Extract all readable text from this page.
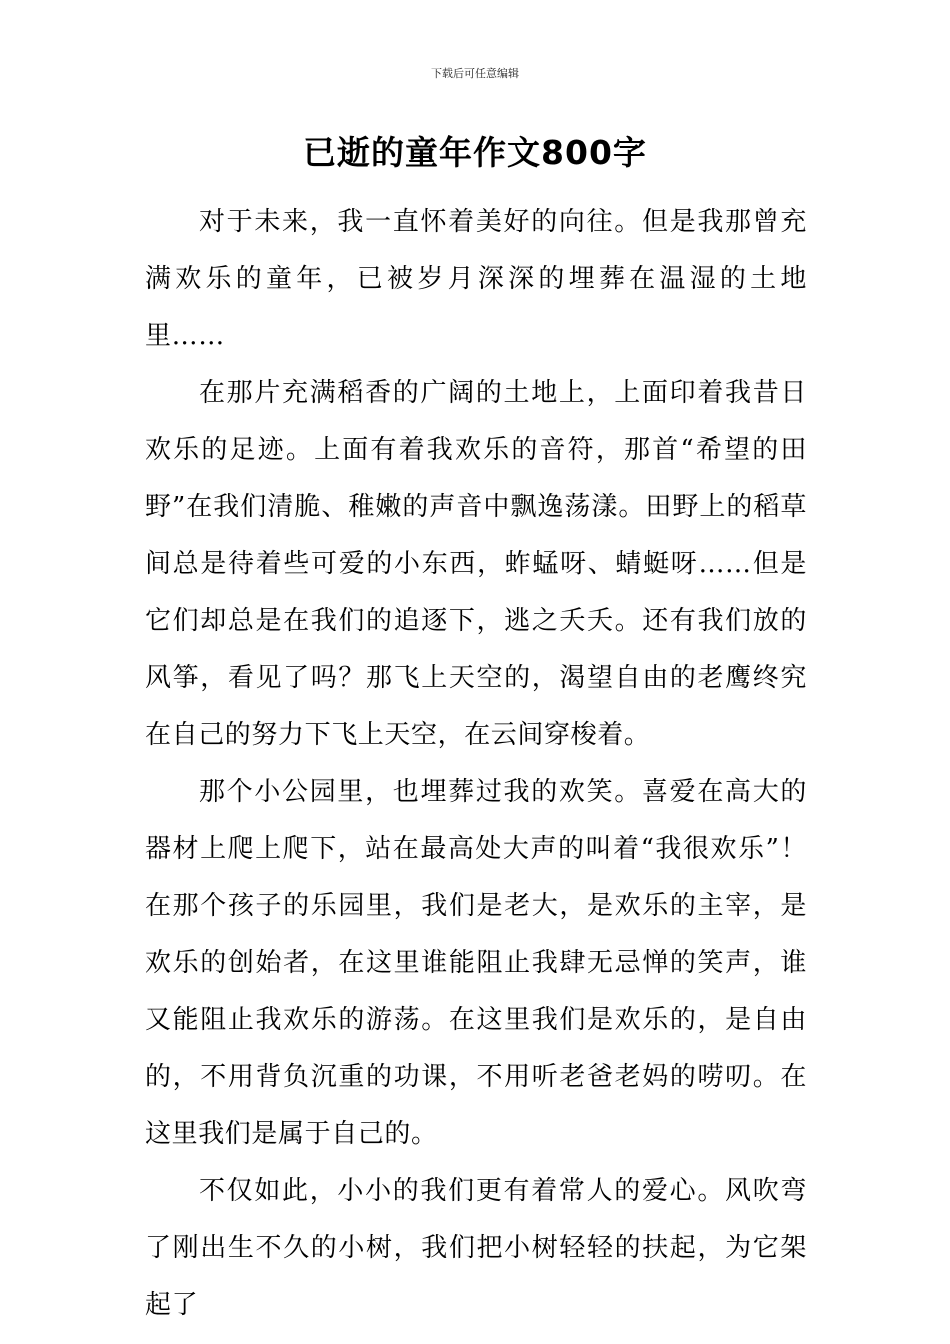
下载后可任意编辑
已逝的童年作文800字

对于未来，我一直怀着美好的向往。但是我那曾充满欢乐的童年，已被岁月深深的埋葬在温湿的土地里……

在那片充满稻香的广阔的土地上，上面印着我昔日欢乐的足迹。上面有着我欢乐的音符，那首“希望的田野”在我们清脆、稚嫩的声音中飘逸荡漾。田野上的稻草间总是待着些可爱的小东西，蚱蜢呀、蜻蜓呀……但是它们却总是在我们的追逐下，逃之夭夭。还有我们放的风筝，看见了吗？那飞上天空的，渴望自由的老鹰终究在自己的努力下飞上天空，在云间穿梭着。

那个小公园里，也埋葬过我的欢笑。喜爱在高大的器材上爬上爬下，站在最高处大声的叫着“我很欢乐”！在那个孩子的乐园里，我们是老大，是欢乐的主宰，是欢乐的创始者，在这里谁能阻止我肆无忌惮的笑声，谁又能阻止我欢乐的游荡。在这里我们是欢乐的，是自由的，不用背负沉重的功课，不用听老爸老妈的唠叨。在这里我们是属于自己的。

不仅如此，小小的我们更有着常人的爱心。风吹弯了刚出生不久的小树，我们把小树轻轻的扶起，为它架起了
